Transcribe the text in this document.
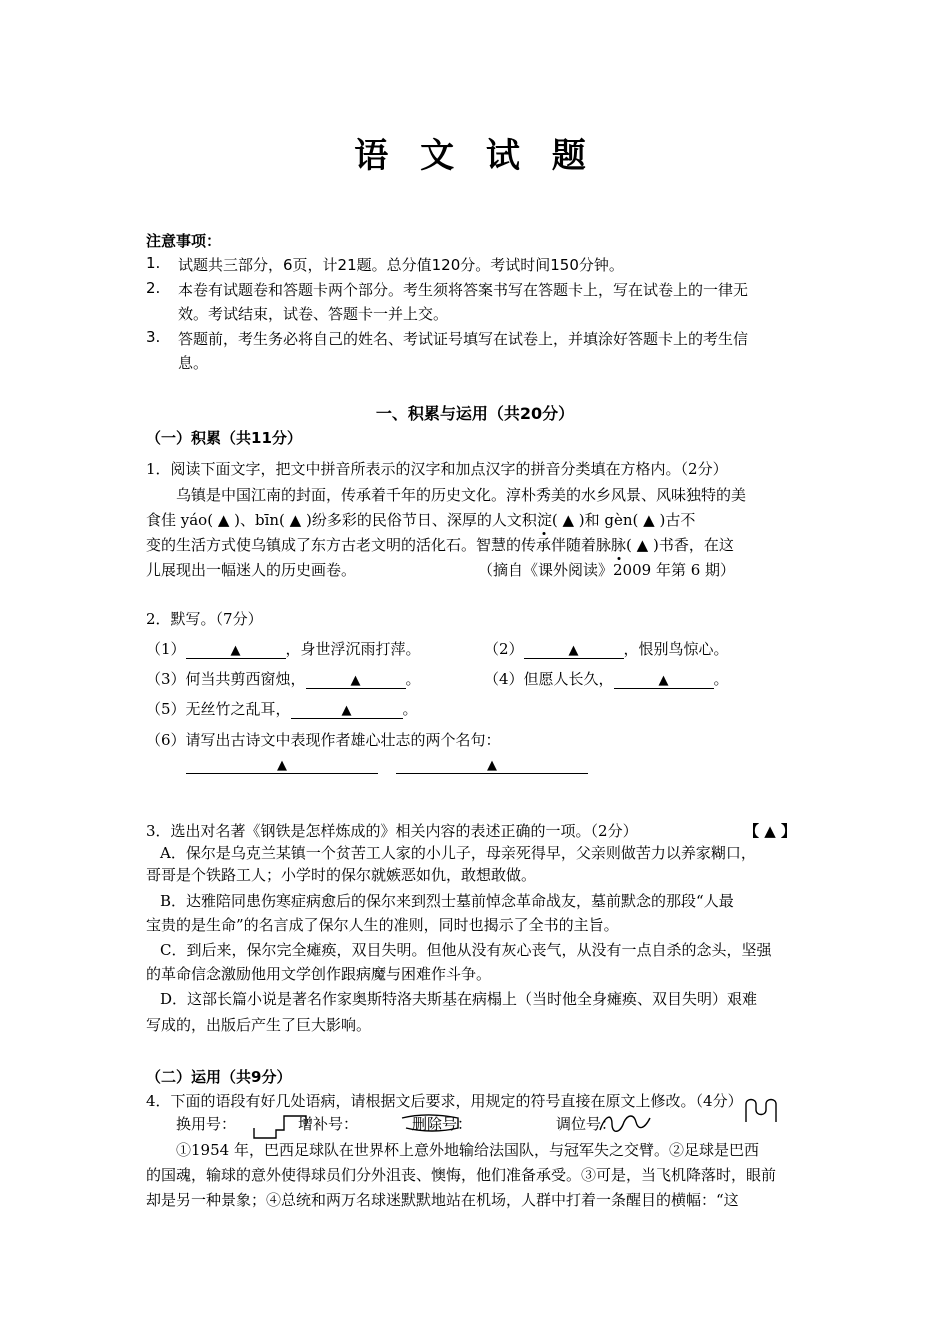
语 文 试 题
注意事项：
1. 试题共三部分，6页，计21题。总分值120分。考试时间150分钟。
2. 本卷有试题卷和答题卡两个部分。考生须将答案书写在答题卡上，写在试卷上的一律无
效。考试结束，试卷、答题卡一并上交。
3. 答题前，考生务必将自己的姓名、考试证号填写在试卷上，并填涂好答题卡上的考生信
息。
一、积累与运用（共20分）
（一）积累（共11分）
1．阅读下面文字，把文中拼音所表示的汉字和加点汉字的拼音分类填在方格内。（2分）
乌镇是中国江南的封面，传承着千年的历史文化。淳朴秀美的水乡风景、风味独特的美
食佳 yáo( ▲ )、bīn( ▲ )纷多彩的民俗节日、深厚的人文积淀( ▲ )和 gèn( ▲ )古不
变的生活方式使乌镇成了东方古老文明的活化石。智慧的传承伴随着脉脉( ▲ )书香，在这
儿展现出一幅迷人的历史画卷。	（摘自《课外阅读》2009 年第 6 期）
2．默写。（7分）
（1）	▲	，身世浮沉雨打萍。	（2）	▲	，恨别鸟惊心。
（3）何当共剪西窗烛，	▲	。	（4）但愿人长久，	▲	。
（5）无丝竹之乱耳，	▲	。
（6）请写出古诗文中表现作者雄心壮志的两个名句：
▲	▲
3．选出对名著《钢铁是怎样炼成的》相关内容的表述正确的一项。（2分）	【 ▲ 】
A．保尔是乌克兰某镇一个贫苦工人家的小儿子，母亲死得早，父亲则做苦力以养家糊口，
哥哥是个铁路工人；小学时的保尔就嫉恶如仇，敢想敢做。
B．达雅陪同患伤寒症病愈后的保尔来到烈士墓前悼念革命战友，墓前默念的那段“人最
宝贵的是生命”的名言成了保尔人生的准则，同时也揭示了全书的主旨。
C．到后来，保尔完全瘫痪，双目失明。但他从没有灰心丧气，从没有一点自杀的念头，坚强
的革命信念激励他用文学创作跟病魔与困难作斗争。
D．这部长篇小说是著名作家奥斯特洛夫斯基在病榻上（当时他全身瘫痪、双目失明）艰难
写成的，出版后产生了巨大影响。
（二）运用（共9分）
4．下面的语段有好几处语病，请根据文后要求，用规定的符号直接在原文上修改。（4分）
换用号：	增补号：	删除号：	调位号：
①1954 年，巴西足球队在世界杯上意外地输给法国队，与冠军失之交臂。②足球是巴西
的国魂，输球的意外使得球员们分外沮丧、懊悔，他们准备承受。③可是，当飞机降落时，眼前
却是另一种景象；④总统和两万名球迷默默地站在机场，人群中打着一条醒目的横幅：“这
